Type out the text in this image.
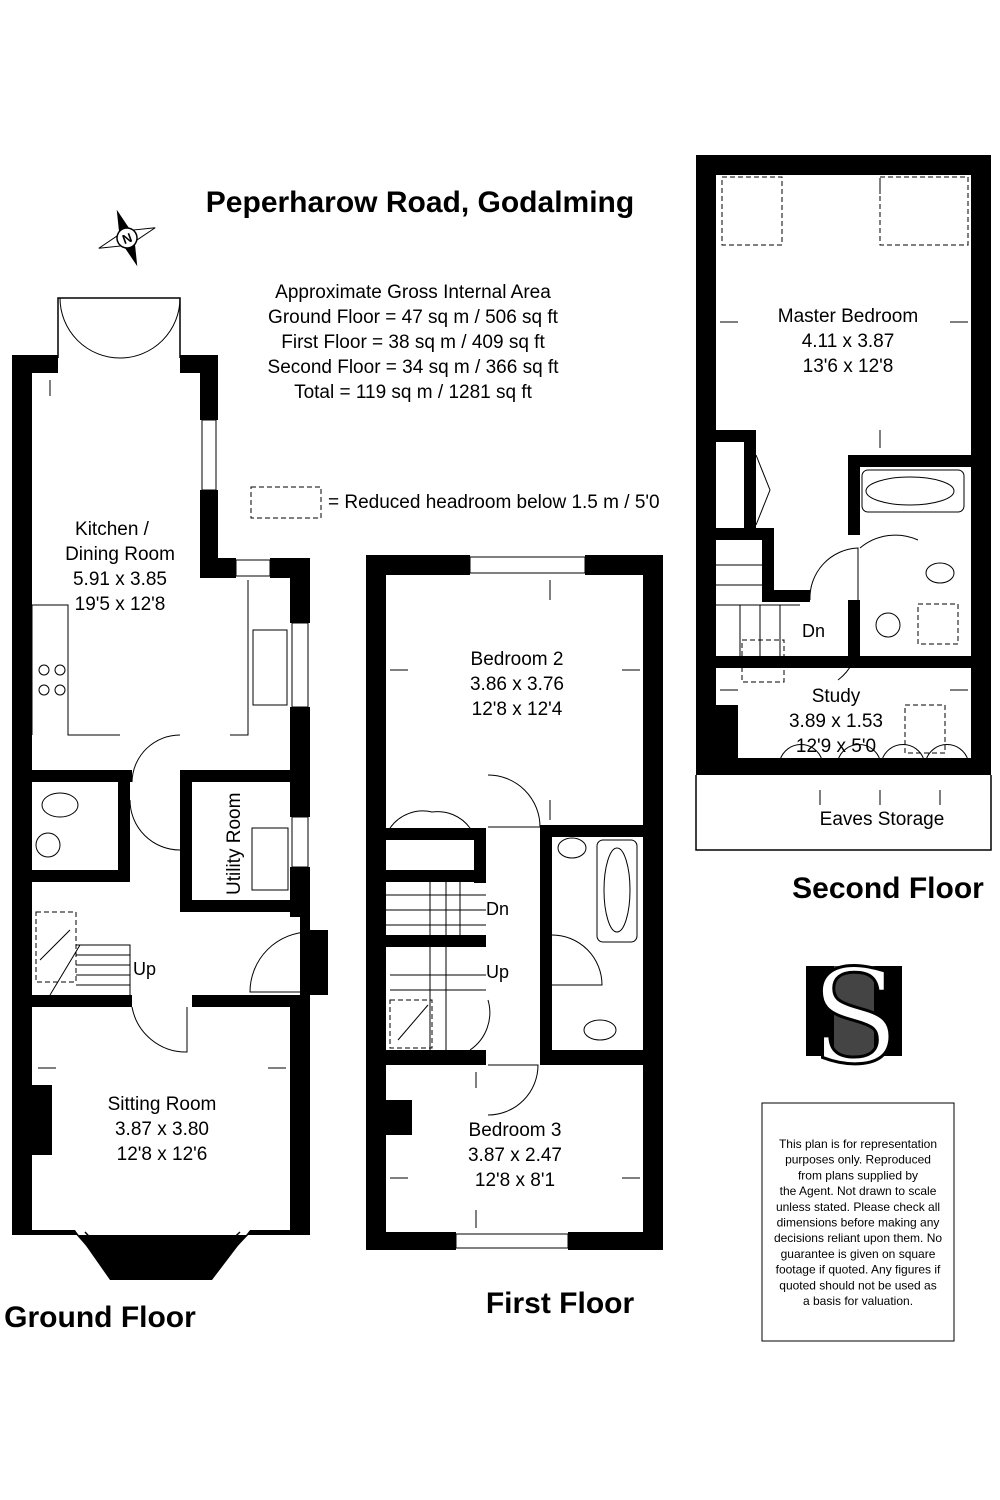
Peperharow Road, Godalming
N
Approximate Gross Internal Area
Ground Floor = 47 sq m / 506 sq ft
First Floor = 38 sq m / 409 sq ft
Second Floor = 34 sq m / 366 sq ft
Total = 119 sq m / 1281 sq ft
= Reduced headroom below 1.5 m / 5'0
Kitchen /
Dining Room
5.91 x 3.85
19'5 x 12'8
Utility Room
Up	IN
Sitting Room
3.87 x 3.80
12'8 x 12'6
Ground Floor
Bedroom 2
3.86 x 3.76
12'8 x 12'4
Dn
Up
Bedroom 3
3.87 x 2.47
12'8 x 8'1
First Floor
Master Bedroom
4.11 x 3.87
13'6 x 12'8
Dn
Study
3.89 x 1.53
12'9 x 5'0
Eaves Storage
Second Floor
S
This plan is for representation
purposes only. Reproduced
from plans supplied by
the Agent. Not drawn to scale
unless stated. Please check all
dimensions before making any
decisions reliant upon them. No
guarantee is given on square
footage if quoted. Any figures if
quoted should not be used as
a basis for valuation.
